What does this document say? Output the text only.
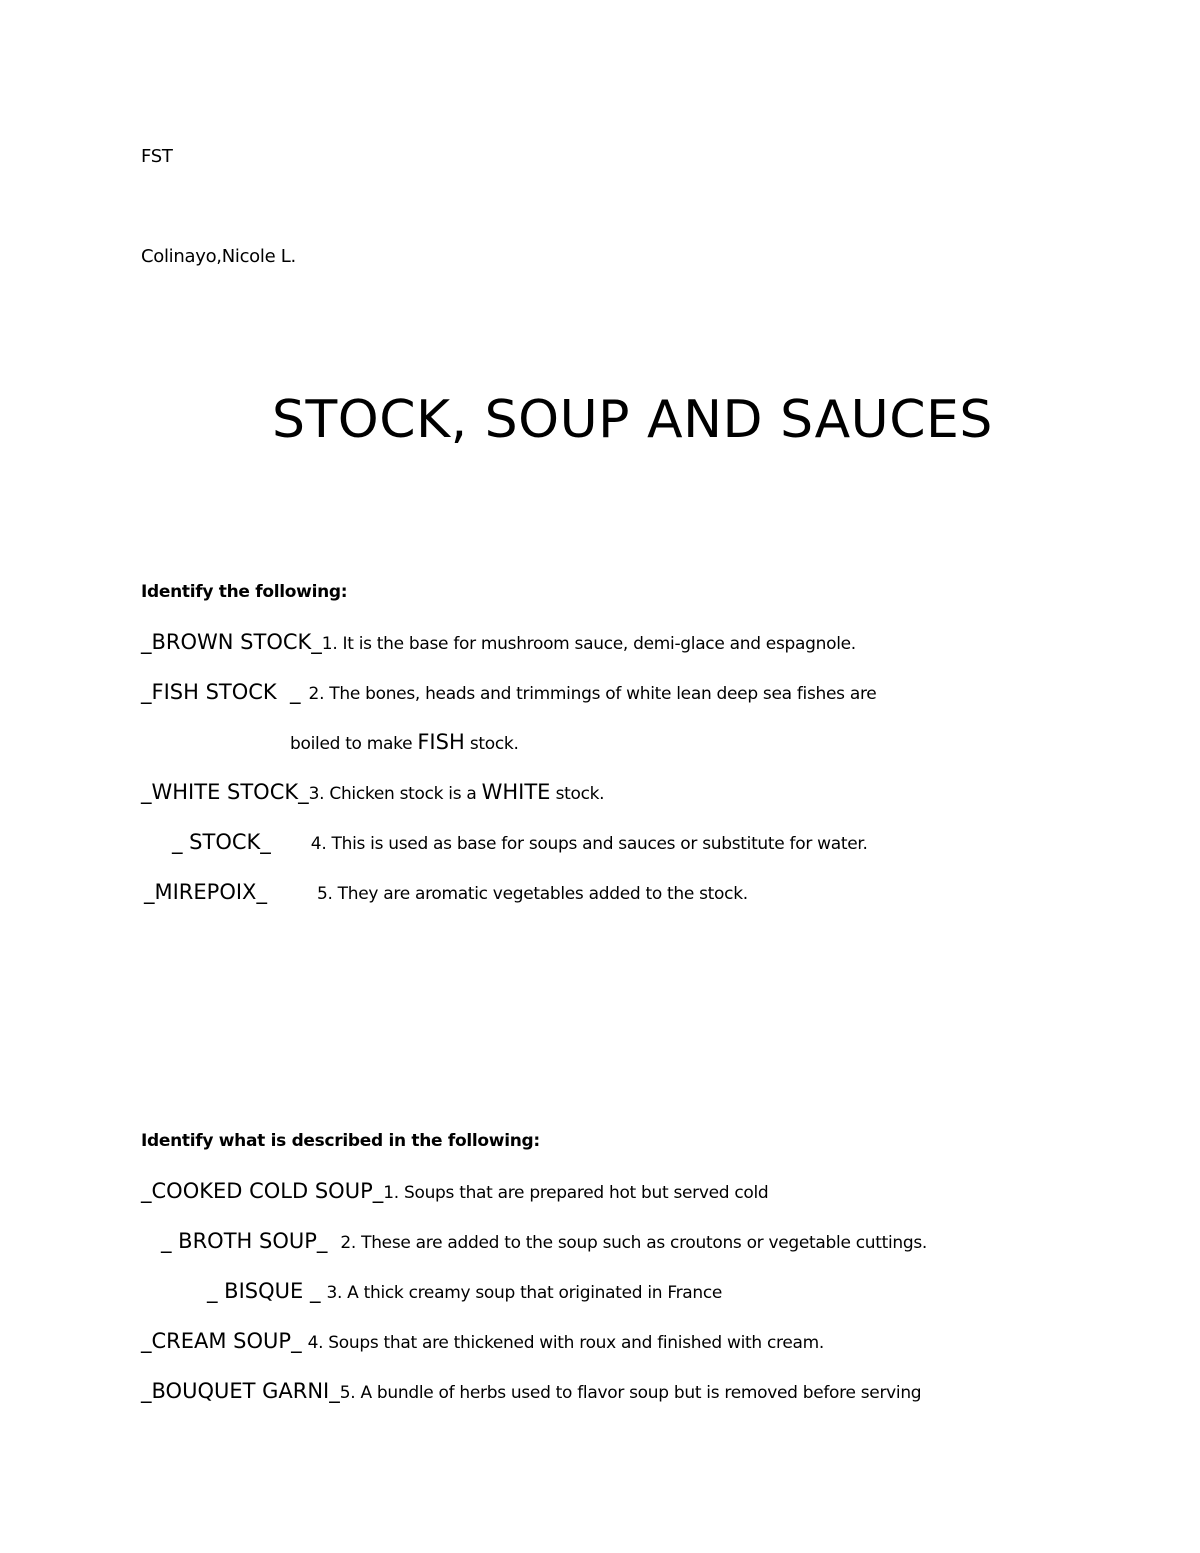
FST
Colinayo,Nicole L.
STOCK, SOUP AND SAUCES
Identify the following:
_BROWN STOCK_1. It is the base for mushroom sauce, demi-glace and espagnole.
_FISH STOCK  _ 2. The bones, heads and trimmings of white lean deep sea fishes are
boiled to make FISH stock.
_WHITE STOCK_3. Chicken stock is a WHITE stock.
_ STOCK_ 4. This is used as base for soups and sauces or substitute for water.
_MIREPOIX_	5. They are aromatic vegetables added to the stock.
Identify what is described in the following:
_COOKED COLD SOUP_1. Soups that are prepared hot but served cold
_ BROTH SOUP_ 2. These are added to the soup such as croutons or vegetable cuttings.
_ BISQUE _ 3. A thick creamy soup that originated in France
_CREAM SOUP_ 4. Soups that are thickened with roux and finished with cream.
_BOUQUET GARNI_5. A bundle of herbs used to flavor soup but is removed before serving
